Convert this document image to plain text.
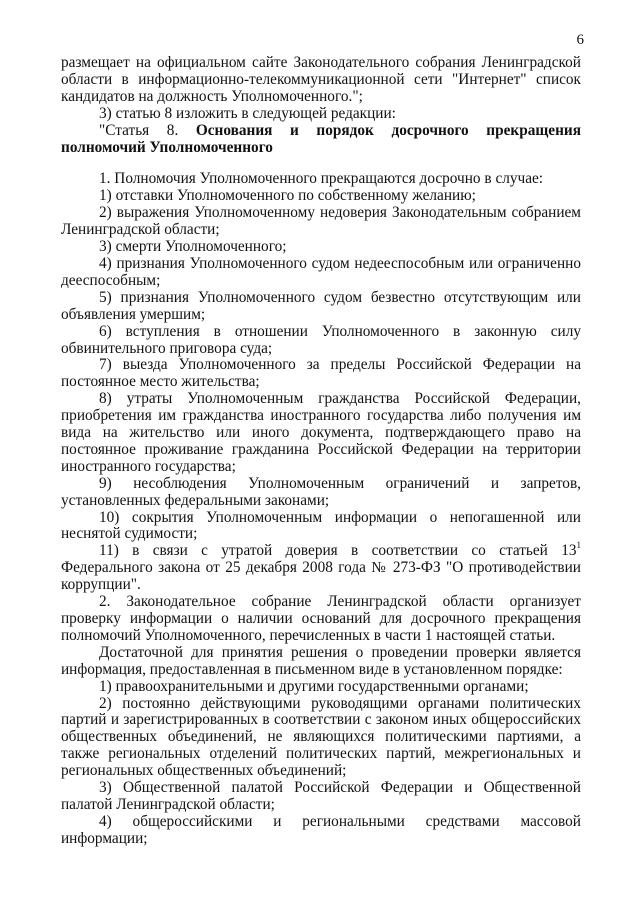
6

размещает на официальном сайте Законодательного собрания Ленинградской области в информационно-телекоммуникационной сети "Интернет" список кандидатов на должность Уполномоченного.";

3) статью 8 изложить в следующей редакции:

"Статья 8. Основания и порядок досрочного прекращения полномочий Уполномоченного

1. Полномочия Уполномоченного прекращаются досрочно в случае:

1) отставки Уполномоченного по собственному желанию;

2) выражения Уполномоченному недоверия Законодательным собранием Ленинградской области;

3) смерти Уполномоченного;

4) признания Уполномоченного судом недееспособным или ограниченно дееспособным;

5) признания Уполномоченного судом безвестно отсутствующим или объявления умершим;

6) вступления в отношении Уполномоченного в законную силу обвинительного приговора суда;

7) выезда Уполномоченного за пределы Российской Федерации на постоянное место жительства;

8) утраты Уполномоченным гражданства Российской Федерации, приобретения им гражданства иностранного государства либо получения им вида на жительство или иного документа, подтверждающего право на постоянное проживание гражданина Российской Федерации на территории иностранного государства;

9) несоблюдения Уполномоченным ограничений и запретов, установленных федеральными законами;

10) сокрытия Уполномоченным информации о непогашенной или неснятой судимости;

11) в связи с утратой доверия в соответствии со статьей $13^1$ Федерального закона от 25 декабря 2008 года № 273-ФЗ "О противодействии коррупции".

2. Законодательное собрание Ленинградской области организует проверку информации о наличии оснований для досрочного прекращения полномочий Уполномоченного, перечисленных в части 1 настоящей статьи.

Достаточной для принятия решения о проведении проверки является информация, предоставленная в письменном виде в установленном порядке:

1) правоохранительными и другими государственными органами;

2) постоянно действующими руководящими органами политических партий и зарегистрированных в соответствии с законом иных общероссийских общественных объединений, не являющихся политическими партиями, а также региональных отделений политических партий, межрегиональных и региональных общественных объединений;

3) Общественной палатой Российской Федерации и Общественной палатой Ленинградской области;

4) общероссийскими и региональными средствами массовой информации;
